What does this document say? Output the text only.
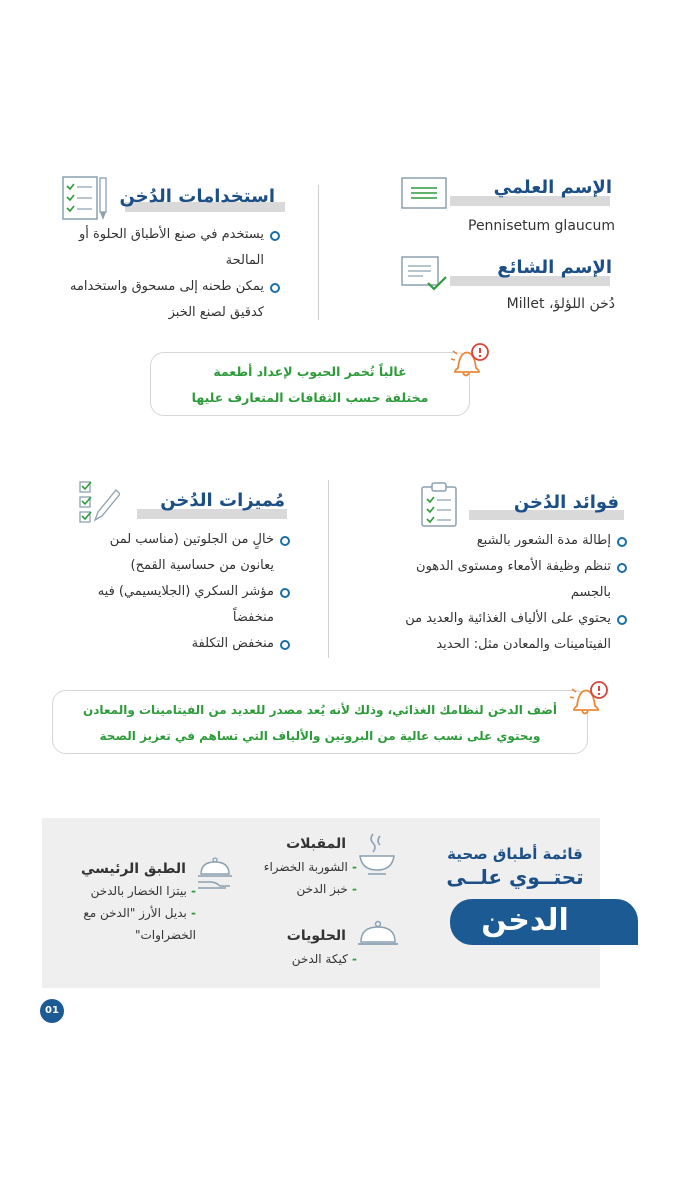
الإسم العلمي
Pennisetum glaucum
الإسم الشائع
دُخن اللؤلؤ، Millet
استخدامات الدُخن
يستخدم في صنع الأطباق الحلوة أو المالحة
يمكن طحنه إلى مسحوق واستخدامه كدقيق لصنع الخبز

غالباً تُخمر الحبوب لإعداد أطعمة

مختلفة حسب الثقافات المتعارف عليها

فوائد الدُخن
إطالة مدة الشعور بالشبع
تنظم وظيفة الأمعاء ومستوى الدهون بالجسم
يحتوي على الألياف الغذائية والعديد من الفيتامينات والمعادن مثل: الحديد
مُميزات الدُخن
خالٍ من الجلوتين (مناسب لمن يعانون من حساسية القمح)
مؤشر السكري (الجلايسيمي) فيه منخفضاً
منخفض التكلفة

أضف الدخن لنظامك الغذائي، وذلك لأنه يُعد مصدر للعديد من الفيتامينات والمعادن

ويحتوي على نسب عالية من البروتين والألياف التي تساهم في تعزيز الصحة

قائمة أطباق صحية
تحتــوي علــى
الدخن
المقبلات
- الشوربة الخضراء
- خبز الدخن
الحلويات
- كيكة الدخن
الطبق الرئيسي
- بيتزا الخضار بالدخن
- بديل الأرز "الدخن مع الخضراوات"
01
